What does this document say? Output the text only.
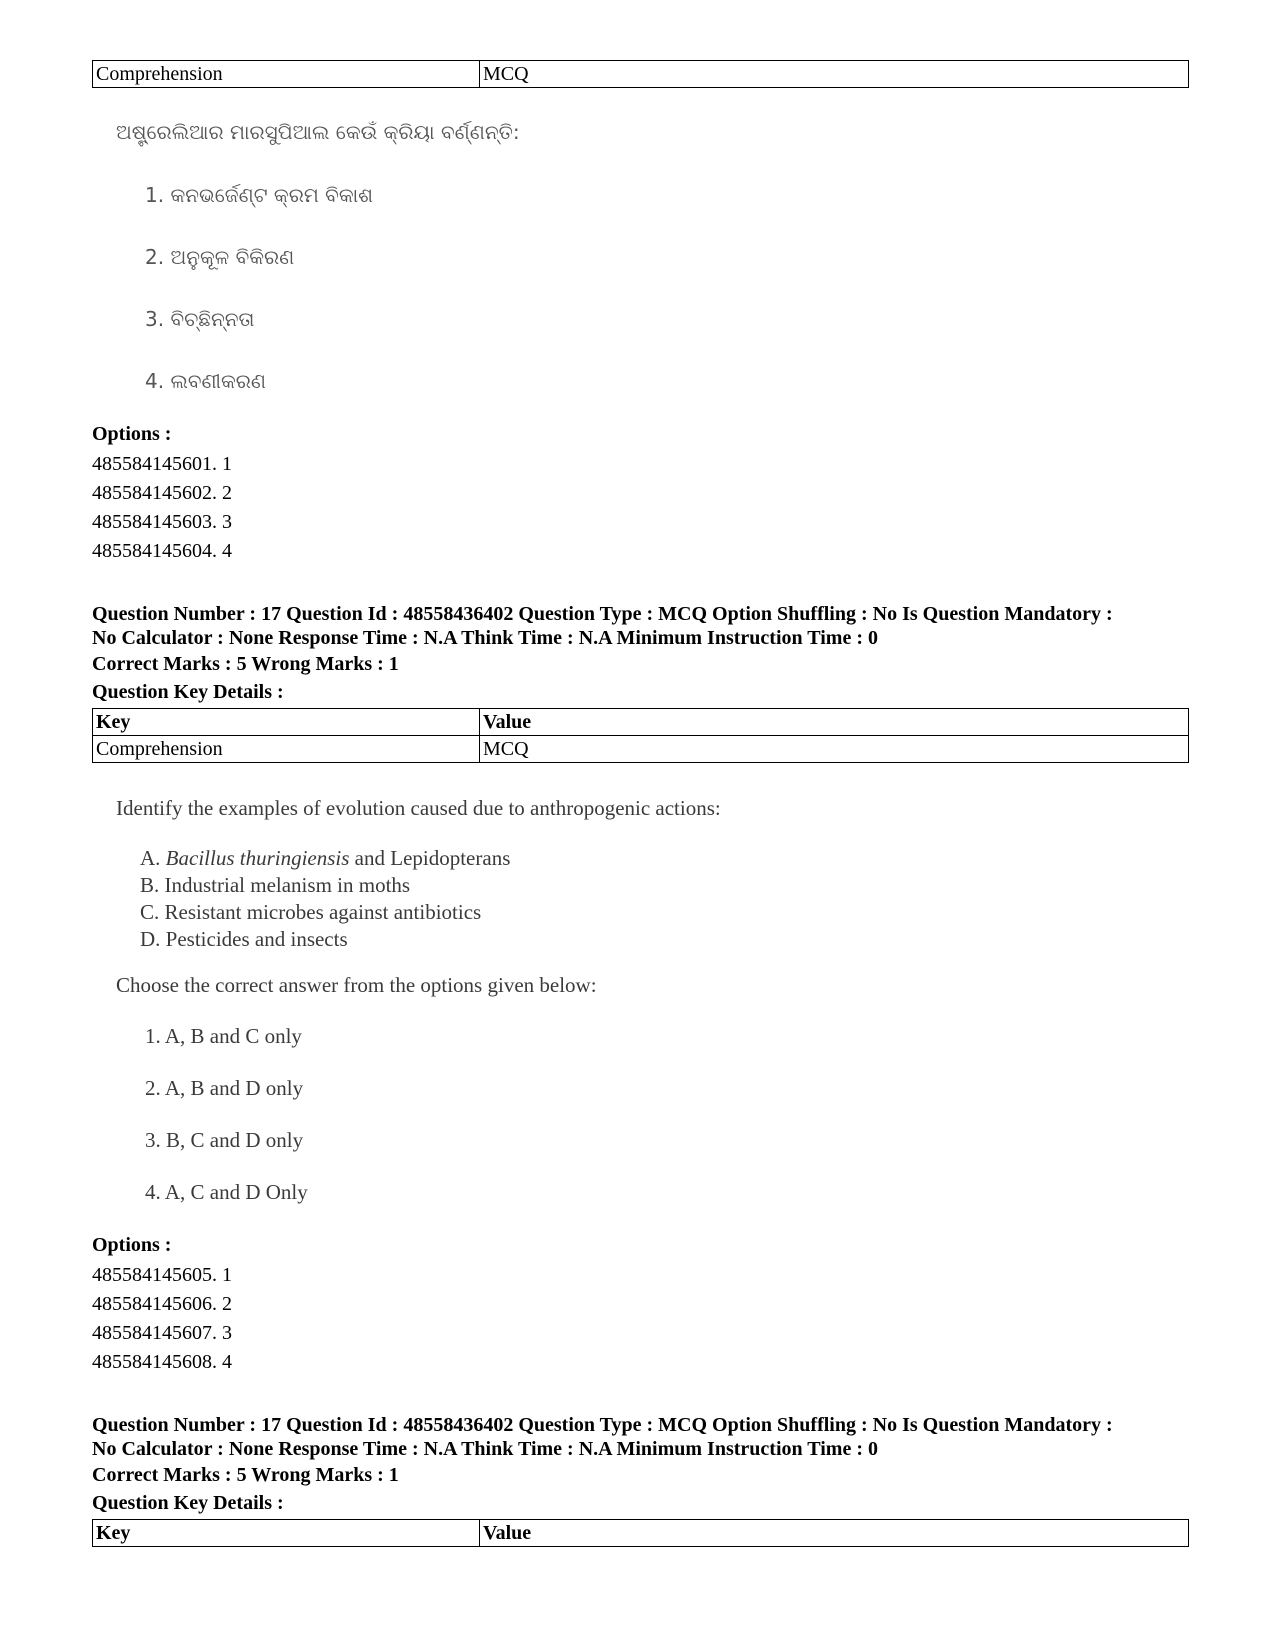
Comprehension	MCQ
ଅଷ୍ଟ୍ରେଲିଆର ମାରସୁପିଆଲ କେଉଁ କ୍ରିୟା ବର୍ଣ୍ଣନ୍ତି:
1. କନଭର୍ଜେଣ୍ଟ କ୍ରମ ବିକାଶ
2. ଅନୁକୂଳ ବିକିରଣ
3. ବିଚ୍ଛିନ୍ନତା
4. ଲବଣୀକରଣ
Options :
485584145601. 1
485584145602. 2
485584145603. 3
485584145604. 4
Question Number : 17 Question Id : 48558436402 Question Type : MCQ Option Shuffling : No Is Question Mandatory :
No Calculator : None Response Time : N.A Think Time : N.A Minimum Instruction Time : 0
Correct Marks : 5 Wrong Marks : 1
Question Key Details :
Key	Value
Comprehension	MCQ
Identify the examples of evolution caused due to anthropogenic actions:
A. Bacillus thuringiensis and Lepidopterans
B. Industrial melanism in moths
C. Resistant microbes against antibiotics
D. Pesticides and insects
Choose the correct answer from the options given below:
1. A, B and C only
2. A, B and D only
3. B, C and D only
4. A, C and D Only
Options :
485584145605. 1
485584145606. 2
485584145607. 3
485584145608. 4
Question Number : 17 Question Id : 48558436402 Question Type : MCQ Option Shuffling : No Is Question Mandatory :
No Calculator : None Response Time : N.A Think Time : N.A Minimum Instruction Time : 0
Correct Marks : 5 Wrong Marks : 1
Question Key Details :
Key	Value
